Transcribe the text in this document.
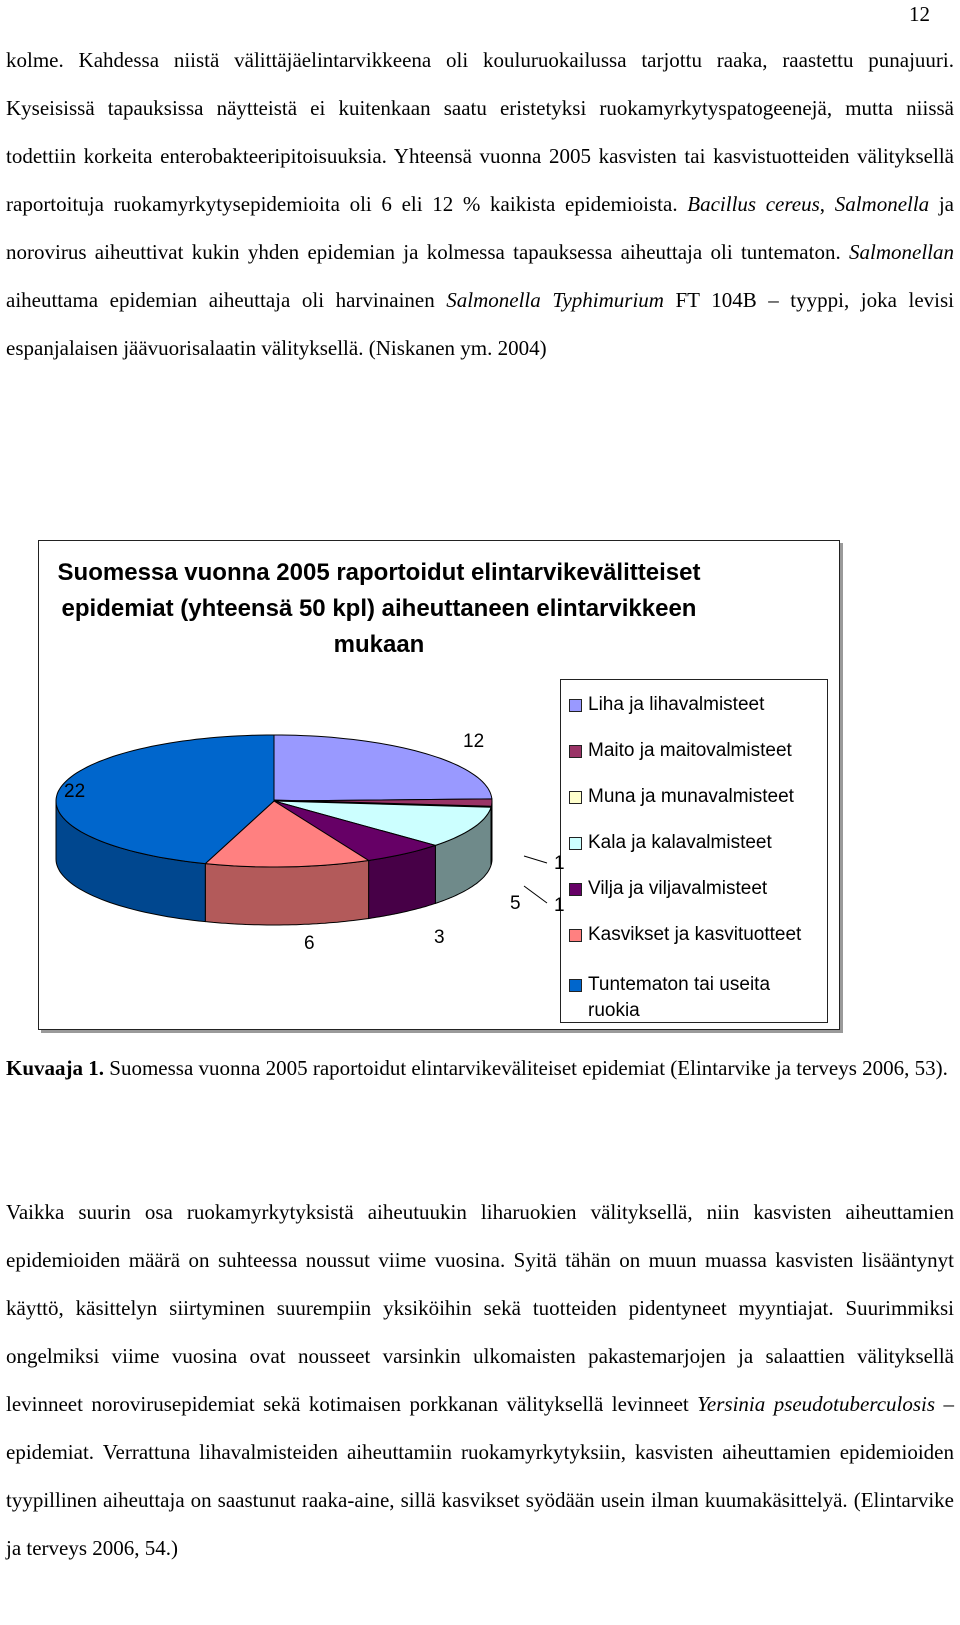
12

kolme. Kahdessa niistä välittäjäelintarvikkeena oli kouluruokailussa tarjottu raaka, raastettu punajuuri. Kyseisissä tapauksissa näytteistä ei kuitenkaan saatu eristetyksi ruokamyrkytyspatogeenejä, mutta niissä todettiin korkeita enterobakteeripitoisuuksia. Yhteensä vuonna 2005 kasvisten tai kasvistuotteiden välityksellä raportoituja ruokamyrkytysepidemioita oli 6 eli 12 % kaikista epidemioista. Bacillus cereus, Salmonella ja norovirus aiheuttivat kukin yhden epidemian ja kolmessa tapauksessa aiheuttaja oli tuntematon. Salmonellan aiheuttama epidemian aiheuttaja oli harvinainen Salmonella Typhimurium FT 104B – tyyppi, joka levisi espanjalaisen jäävuorisalaatin välityksellä. (Niskanen ym. 2004)

Suomessa vuonna 2005 raportoidut elintarvikevälitteiset epidemiat (yhteensä 50 kpl) aiheuttaneen elintarvikkeen mukaan
Liha ja lihavalmisteet
Maito ja maitovalmisteet
Muna ja munavalmisteet
Kala ja kalavalmisteet
Vilja ja viljavalmisteet
Kasvikset ja kasvituotteet
Tuntematon tai useita ruokia
12
1
1
5
3
6
22

Kuvaaja 1. Suomessa vuonna 2005 raportoidut elintarvikeväliteiset epidemiat (Elintarvike ja terveys 2006, 53).

Vaikka suurin osa ruokamyrkytyksistä aiheutuukin liharuokien välityksellä, niin kasvisten aiheuttamien epidemioiden määrä on suhteessa noussut viime vuosina. Syitä tähän on muun muassa kasvisten lisääntynyt käyttö, käsittelyn siirtyminen suurempiin yksiköihin sekä tuotteiden pidentyneet myyntiajat. Suurimmiksi ongelmiksi viime vuosina ovat nousseet varsinkin ulkomaisten pakastemarjojen ja salaattien välityksellä levinneet norovirusepidemiat sekä kotimaisen porkkanan välityksellä levinneet Yersinia pseudotuberculosis – epidemiat. Verrattuna lihavalmisteiden aiheuttamiin ruokamyrkytyksiin, kasvisten aiheuttamien epidemioiden tyypillinen aiheuttaja on saastunut raaka-aine, sillä kasvikset syödään usein ilman kuumakäsittelyä. (Elintarvike ja terveys 2006, 54.)
